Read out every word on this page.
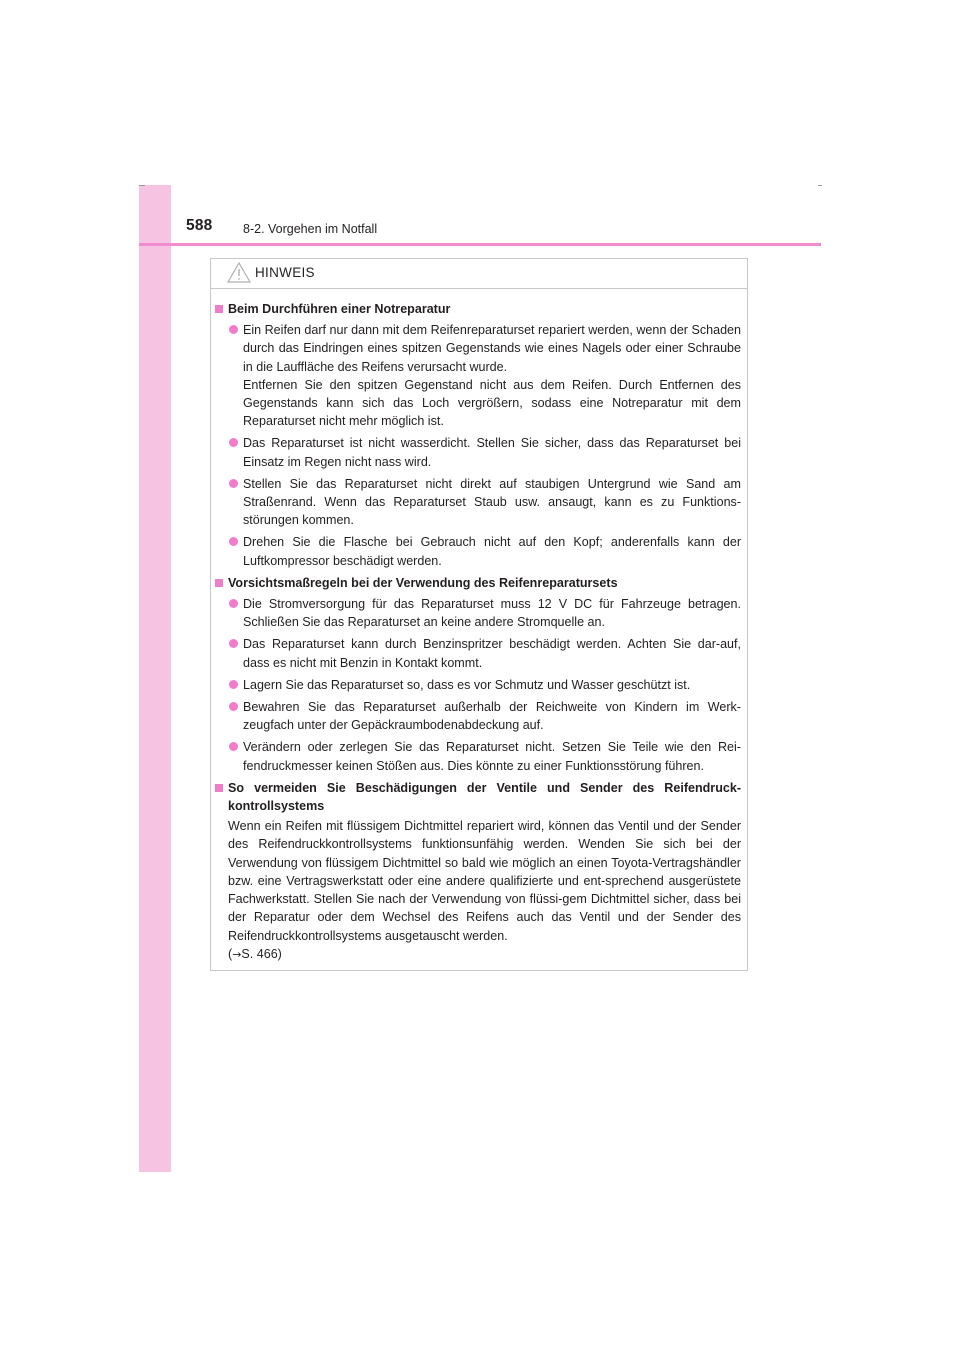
588 8-2. Vorgehen im Notfall
HINWEIS
Beim Durchführen einer Notreparatur
Ein Reifen darf nur dann mit dem Reifenreparaturset repariert werden, wenn der Schaden durch das Eindringen eines spitzen Gegenstands wie eines Nagels oder einer Schraube in die Lauffläche des Reifens verursacht wurde.
Entfernen Sie den spitzen Gegenstand nicht aus dem Reifen. Durch Entfernen des Gegenstands kann sich das Loch vergrößern, sodass eine Notreparatur mit dem Reparaturset nicht mehr möglich ist.
Das Reparaturset ist nicht wasserdicht. Stellen Sie sicher, dass das Reparaturset bei Einsatz im Regen nicht nass wird.
Stellen Sie das Reparaturset nicht direkt auf staubigen Untergrund wie Sand am Straßenrand. Wenn das Reparaturset Staub usw. ansaugt, kann es zu Funktions-störungen kommen.
Drehen Sie die Flasche bei Gebrauch nicht auf den Kopf; anderenfalls kann der Luftkompressor beschädigt werden.
Vorsichtsmaßregeln bei der Verwendung des Reifenreparatursets
Die Stromversorgung für das Reparaturset muss 12 V DC für Fahrzeuge betragen. Schließen Sie das Reparaturset an keine andere Stromquelle an.
Das Reparaturset kann durch Benzinspritzer beschädigt werden. Achten Sie dar-auf, dass es nicht mit Benzin in Kontakt kommt.
Lagern Sie das Reparaturset so, dass es vor Schmutz und Wasser geschützt ist.
Bewahren Sie das Reparaturset außerhalb der Reichweite von Kindern im Werk-zeugfach unter der Gepäckraumbodenabdeckung auf.
Verändern oder zerlegen Sie das Reparaturset nicht. Setzen Sie Teile wie den Rei-fendruckmesser keinen Stößen aus. Dies könnte zu einer Funktionsstörung führen.
So vermeiden Sie Beschädigungen der Ventile und Sender des Reifendruck-kontrollsystems
Wenn ein Reifen mit flüssigem Dichtmittel repariert wird, können das Ventil und der Sender des Reifendruckkontrollsystems funktionsunfähig werden. Wenden Sie sich bei der Verwendung von flüssigem Dichtmittel so bald wie möglich an einen Toyota-Vertragshändler bzw. eine Vertragswerkstatt oder eine andere qualifizierte und ent-sprechend ausgerüstete Fachwerkstatt. Stellen Sie nach der Verwendung von flüssi-gem Dichtmittel sicher, dass bei der Reparatur oder dem Wechsel des Reifens auch das Ventil und der Sender des Reifendruckkontrollsystems ausgetauscht werden.
(→S. 466)
